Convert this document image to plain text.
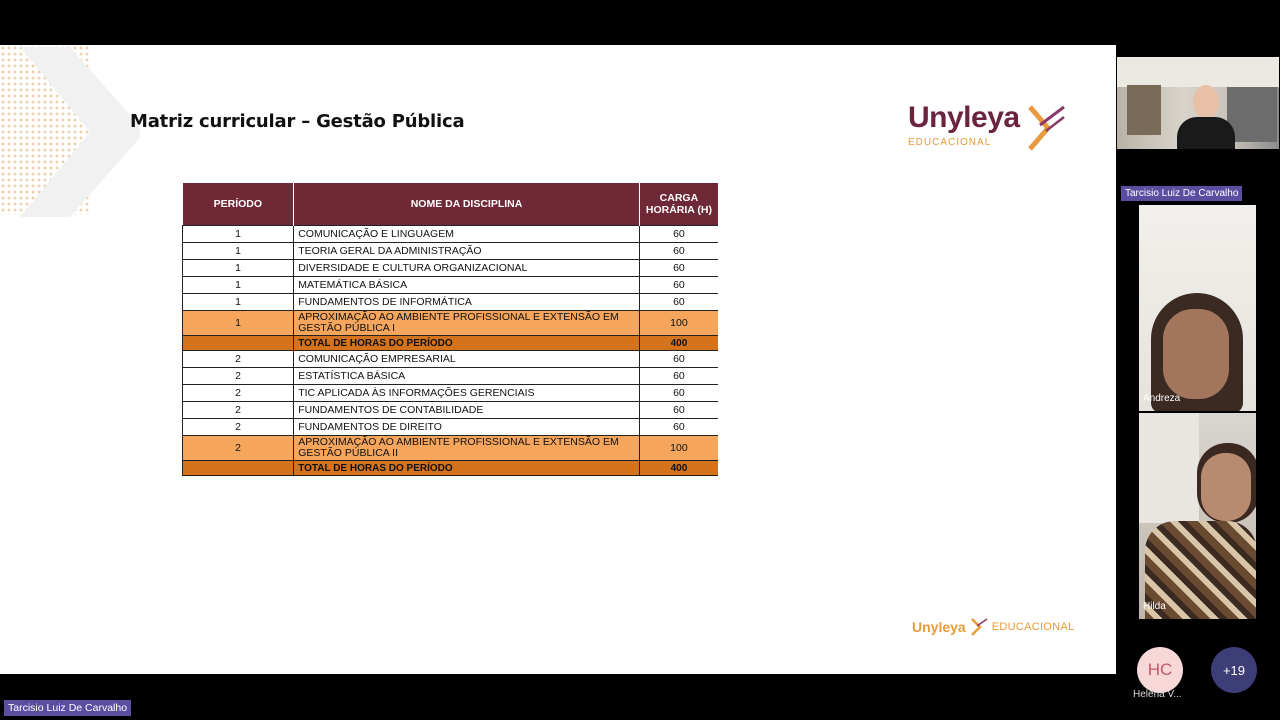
Matriz curricular – Gestão Pública	Unyleya
EDUCACIONAL
PERÍODO	NOME DA DISCIPLINA	CARGA HORÁRIA (H)
1	COMUNICAÇÃO E LINGUAGEM	60
1	TEORIA GERAL DA ADMINISTRAÇÃO	60
1	DIVERSIDADE E CULTURA ORGANIZACIONAL	60
1	MATEMÁTICA BÁSICA	60
1	FUNDAMENTOS DE INFORMÁTICA	60
1	APROXIMAÇÃO AO AMBIENTE PROFISSIONAL E EXTENSÃO EM GESTÃO PÚBLICA I	100
	TOTAL DE HORAS DO PERÍODO	400
2	COMUNICAÇÃO EMPRESARIAL	60
2	ESTATÍSTICA BÁSICA	60
2	TIC APLICADA ÀS INFORMAÇÕES GERENCIAIS	60
2	FUNDAMENTOS DE CONTABILIDADE	60
2	FUNDAMENTOS DE DIREITO	60
2	APROXIMAÇÃO AO AMBIENTE PROFISSIONAL E EXTENSÃO EM GESTÃO PÚBLICA II	100
	TOTAL DE HORAS DO PERÍODO	400
Unyleya EDUCACIONAL
Tarcisio Luiz De Carvalho
Andreza
Hilda
HC
Helena V...
+19
Tarcisio Luiz De Carvalho
